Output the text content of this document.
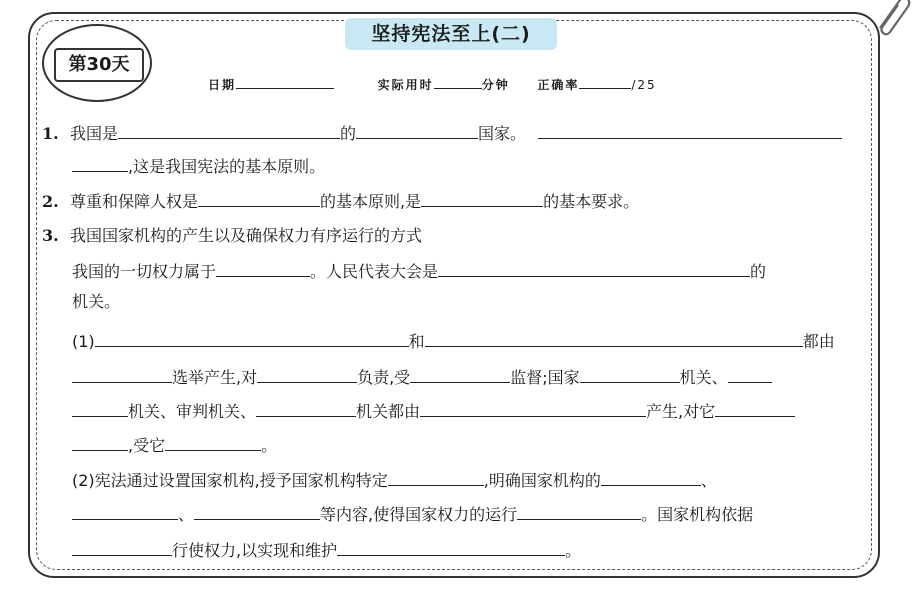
坚持宪法至上(二)
第30天
日期	实际用时	分钟 正确率	/25
1. 我国是	的	国家。
,这是我国宪法的基本原则。
2. 尊重和保障人权是	的基本原则,是	的基本要求。
3. 我国国家机构的产生以及确保权力有序运行的方式
我国的一切权力属于	。人民代表大会是	的
机关。
(1)	和	都由
选举产生,对	负责,受	监督;国家	机关、
机关、审判机关、	机关都由	产生,对它
,受它	。
(2)宪法通过设置国家机构,授予国家机构特定	,明确国家机构的	、
、	等内容,使得国家权力的运行	。国家机构依据
行使权力,以实现和维护	。
